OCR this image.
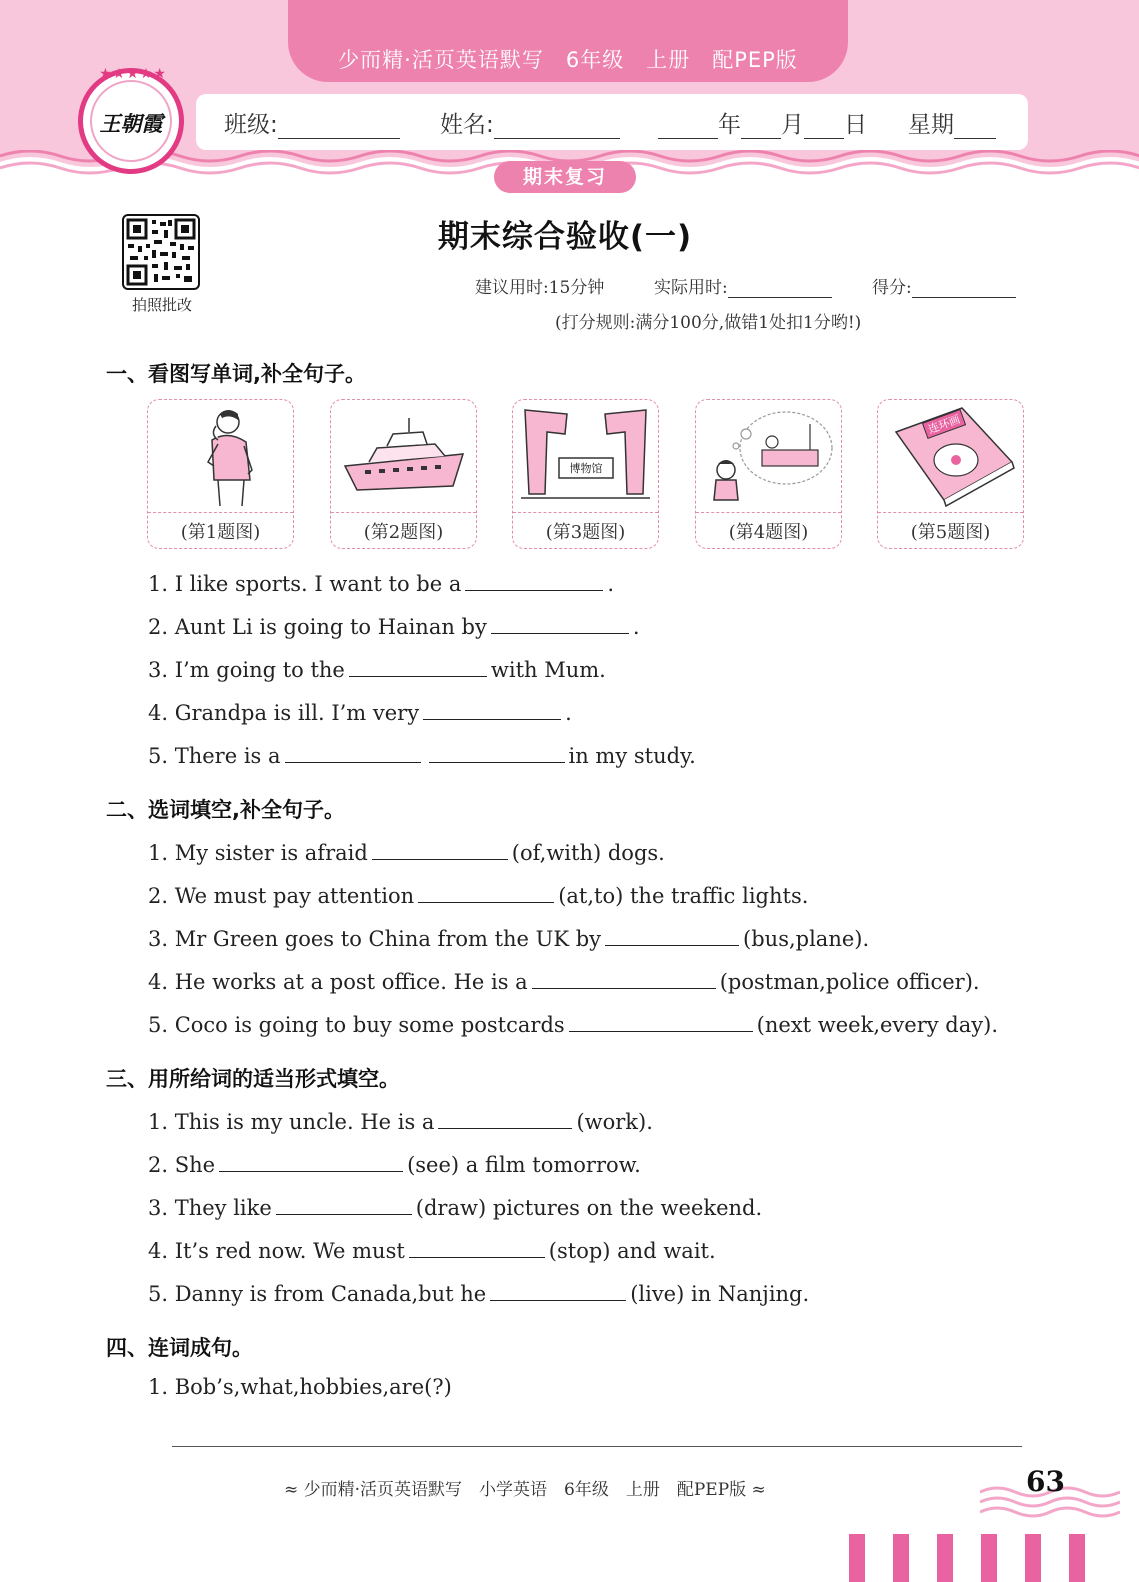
少而精·活页英语默写　6年级　上册　配PEP版
班级:	姓名:	年 月 日 星期
王朝霞
★★★★★
期末复习
拍照批改
期末综合验收(一)
建议用时:15分钟	实际用时:	得分:
(打分规则:满分100分,做错1处扣1分哟!)
一、看图写单词,补全句子。
(第1题图)	(第2题图)
博物馆
(第3题图)	(第4题图)
连环画
(第5题图)
1. I like sports. I want to be a	.
2. Aunt Li is going to Hainan by	.
3. I’m going to the	with Mum.
4. Grandpa is ill. I’m very	.
5. There is a	in my study.
二、选词填空,补全句子。
1. My sister is afraid	(of,with) dogs.
2. We must pay attention	(at,to) the traffic lights.
3. Mr Green goes to China from the UK by	(bus,plane).
4. He works at a post office. He is a	(postman,police officer).
5. Coco is going to buy some postcards	(next week,every day).
三、用所给词的适当形式填空。
1. This is my uncle. He is a	(work).
2. She	(see) a film tomorrow.
3. They like	(draw) pictures on the weekend.
4. It’s red now. We must	(stop) and wait.
5. Danny is from Canada,but he	(live) in Nanjing.
四、连词成句。
1. Bob’s,what,hobbies,are(?)
≈ 少而精·活页英语默写　小学英语　6年级　上册　配PEP版 ≈	63
